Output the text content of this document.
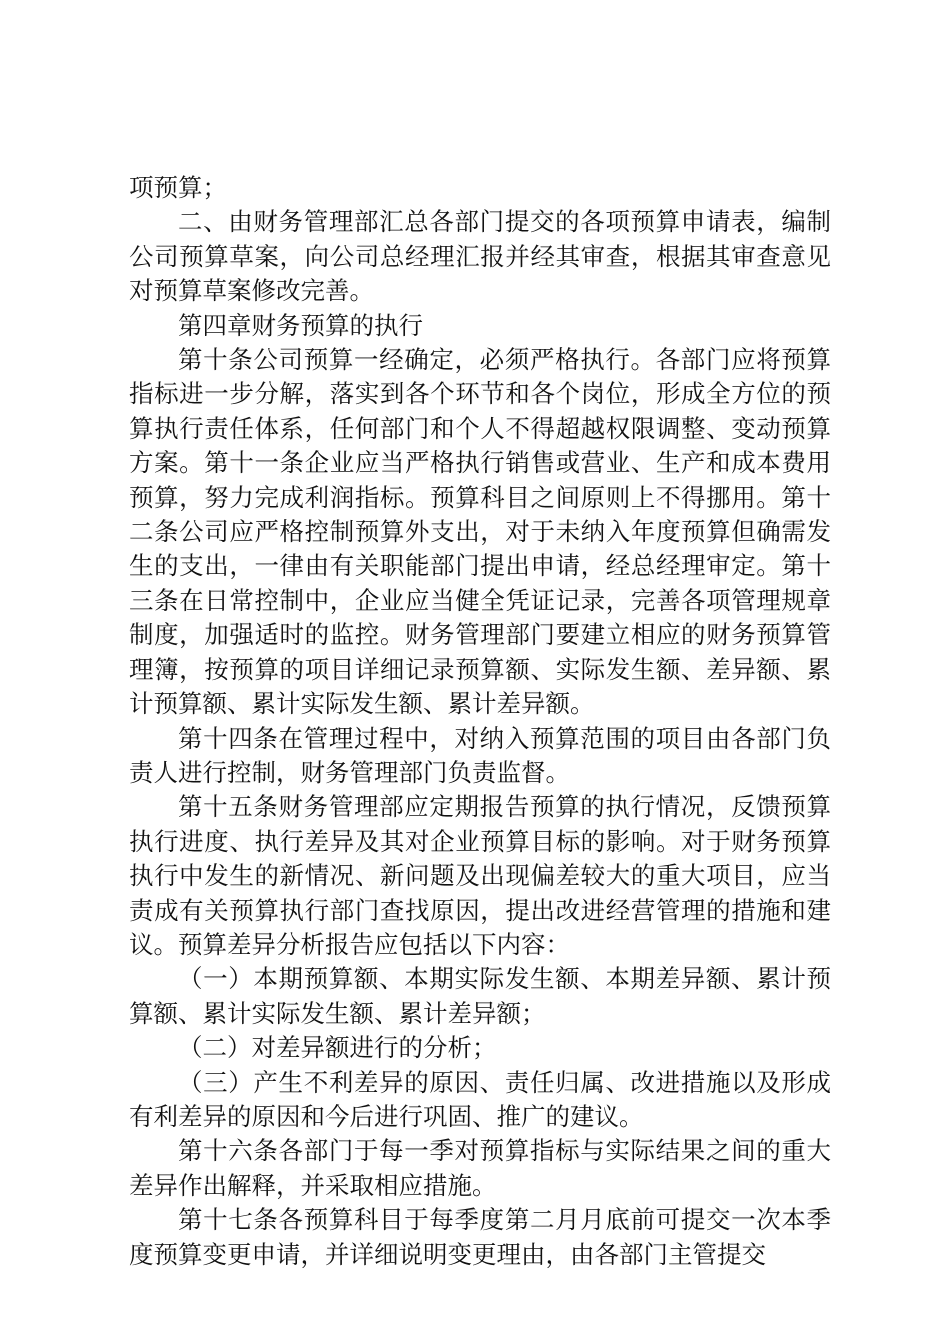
项预算；

二、由财务管理部汇总各部门提交的各项预算申请表，编制公司预算草案，向公司总经理汇报并经其审查，根据其审查意见对预算草案修改完善。

第四章财务预算的执行

第十条公司预算一经确定，必须严格执行。各部门应将预算指标进一步分解，落实到各个环节和各个岗位，形成全方位的预算执行责任体系，任何部门和个人不得超越权限调整、变动预算方案。第十一条企业应当严格执行销售或营业、生产和成本费用预算，努力完成利润指标。预算科目之间原则上不得挪用。第十二条公司应严格控制预算外支出，对于未纳入年度预算但确需发生的支出，一律由有关职能部门提出申请，经总经理审定。第十三条在日常控制中，企业应当健全凭证记录，完善各项管理规章制度，加强适时的监控。财务管理部门要建立相应的财务预算管理簿，按预算的项目详细记录预算额、实际发生额、差异额、累计预算额、累计实际发生额、累计差异额。

第十四条在管理过程中，对纳入预算范围的项目由各部门负责人进行控制，财务管理部门负责监督。

第十五条财务管理部应定期报告预算的执行情况，反馈预算执行进度、执行差异及其对企业预算目标的影响。对于财务预算执行中发生的新情况、新问题及出现偏差较大的重大项目，应当责成有关预算执行部门查找原因，提出改进经营管理的措施和建议。预算差异分析报告应包括以下内容：

（一）本期预算额、本期实际发生额、本期差异额、累计预算额、累计实际发生额、累计差异额；

（二）对差异额进行的分析；

（三）产生不利差异的原因、责任归属、改进措施以及形成有利差异的原因和今后进行巩固、推广的建议。

第十六条各部门于每一季对预算指标与实际结果之间的重大差异作出解释，并采取相应措施。

第十七条各预算科目于每季度第二月月底前可提交一次本季度预算变更申请，并详细说明变更理由，由各部门主管提交
